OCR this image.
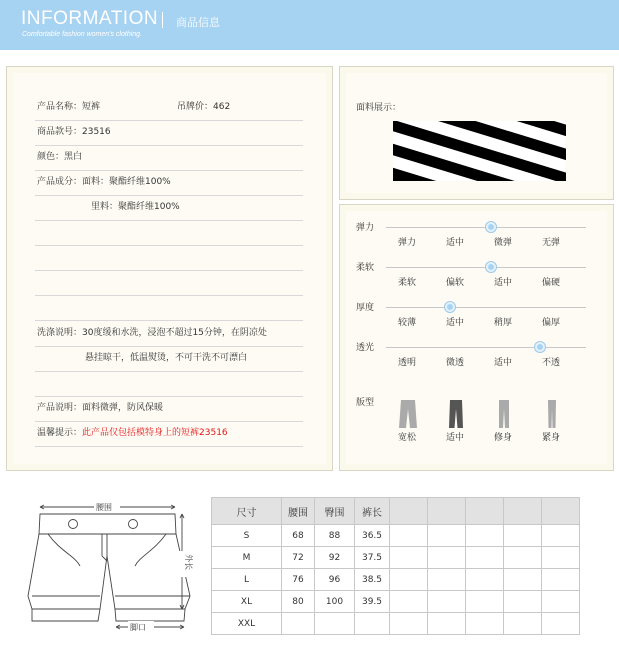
INFORMATION 商品信息
Comfortable fashion women's clothing.
产品名称：短裤	吊牌价：462
商品款号：23516
颜色：黑白
产品成分：面料：聚酯纤维100%
里料：聚酯纤维100%
洗涤说明：30度缓和水洗，浸泡不超过15分钟，在阴凉处
悬挂晾干，低温熨烫，不可干洗不可漂白
产品说明：面料微弹，防风保暖
温馨提示：此产品仅包括模特身上的短裤23516
面料展示：
弹力
弹力	适中	微弹	无弹
柔软
柔软	偏软	适中	偏硬
厚度
较薄	适中	稍厚	偏厚
透光
透明	微透	适中	不透
版型
宽松	适中	修身	紧身
腰围
外长
脚口
尺寸	腰围	臀围	裤长					
S	68	88	36.5					
M	72	92	37.5					
L	76	96	38.5					
XL	80	100	39.5					
XXL								
